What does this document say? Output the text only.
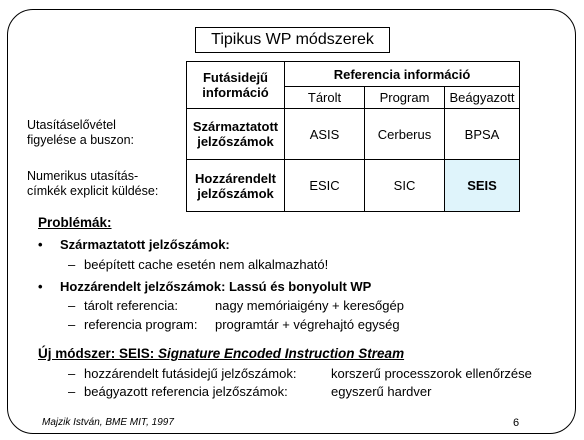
Tipikus WP módszerek
Futásidejű
információ	Referencia információ		
	Tárolt	Program	Beágyazott
Származtatott
jelzőszámok	ASIS	Cerberus	BPSA
Hozzárendelt
jelzőszámok	ESIC	SIC	SEIS
Utasításelővétel
figyelése a buszon:
Numerikus utasítás-
címkék explicit küldése:
Problémák:
• Származtatott jelzőszámok:
– beépített cache esetén nem alkalmazható!
• Hozzárendelt jelzőszámok: Lassú és bonyolult WP
– tárolt referencia:	nagy memóriaigény + keresőgép
– referencia program: programtár + végrehajtó egység
Új módszer: SEIS: Signature Encoded Instruction Stream
– hozzárendelt futásidejű jelzőszámok:	korszerű processzorok ellenőrzése
– beágyazott referencia jelzőszámok:	egyszerű hardver
Majzik István, BME MIT, 1997	6
